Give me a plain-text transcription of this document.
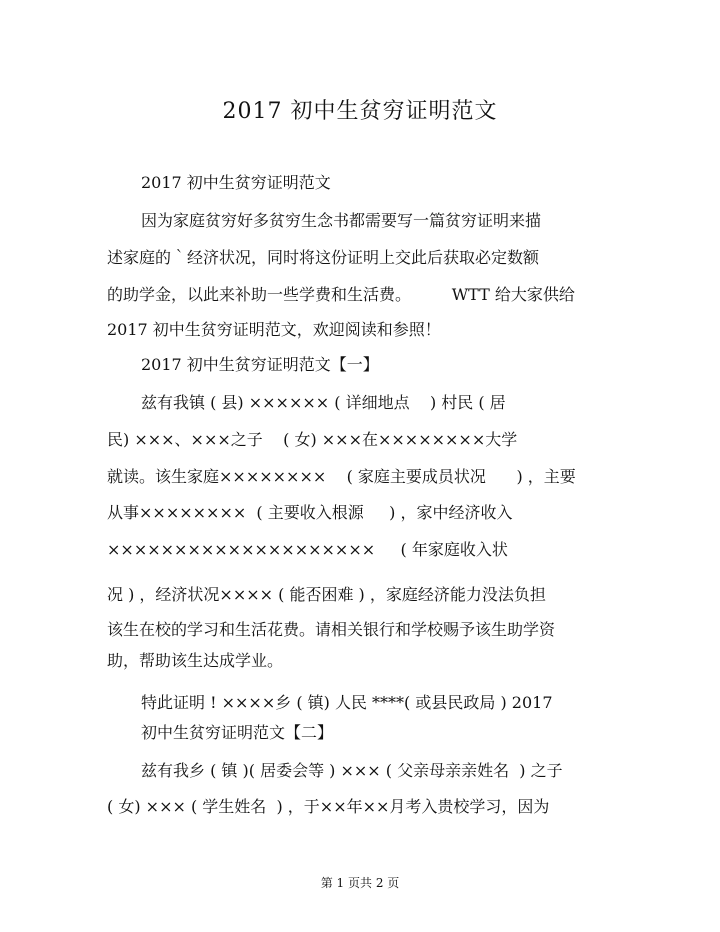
2017 初中生贫穷证明范文
2017 初中生贫穷证明范文
因为家庭贫穷好多贫穷生念书都需要写一篇贫穷证明来描
述家庭的｀经济状况，同时将这份证明上交此后获取必定数额
的助学金，以此来补助一些学费和生活费。        WTT 给大家供给
2017 初中生贫穷证明范文，欢迎阅读和参照！
2017 初中生贫穷证明范文【一】
兹有我镇 ( 县) ×××××× ( 详细地点    ) 村民 ( 居
民) ×××、×××之子    ( 女) ×××在××××××××大学
就读。该生家庭××××××××    ( 家庭主要成员状况      ) ，主要
从事××××××××  ( 主要收入根源     ) ，家中经济收入
××××××××××××××××××××     ( 年家庭收入状
况 ) ，经济状况×××× ( 能否困难 ) ，家庭经济能力没法负担
该生在校的学习和生活花费。请相关银行和学校赐予该生助学资
助，帮助该生达成学业。
特此证明 ! ××××乡 ( 镇) 人民 ****( 或县民政局 ) 2017
初中生贫穷证明范文【二】
兹有我乡 ( 镇 )( 居委会等 ) ××× ( 父亲母亲亲姓名  ) 之子
( 女) ××× ( 学生姓名  ) ，于××年××月考入贵校学习，因为
第 1 页共 2 页
